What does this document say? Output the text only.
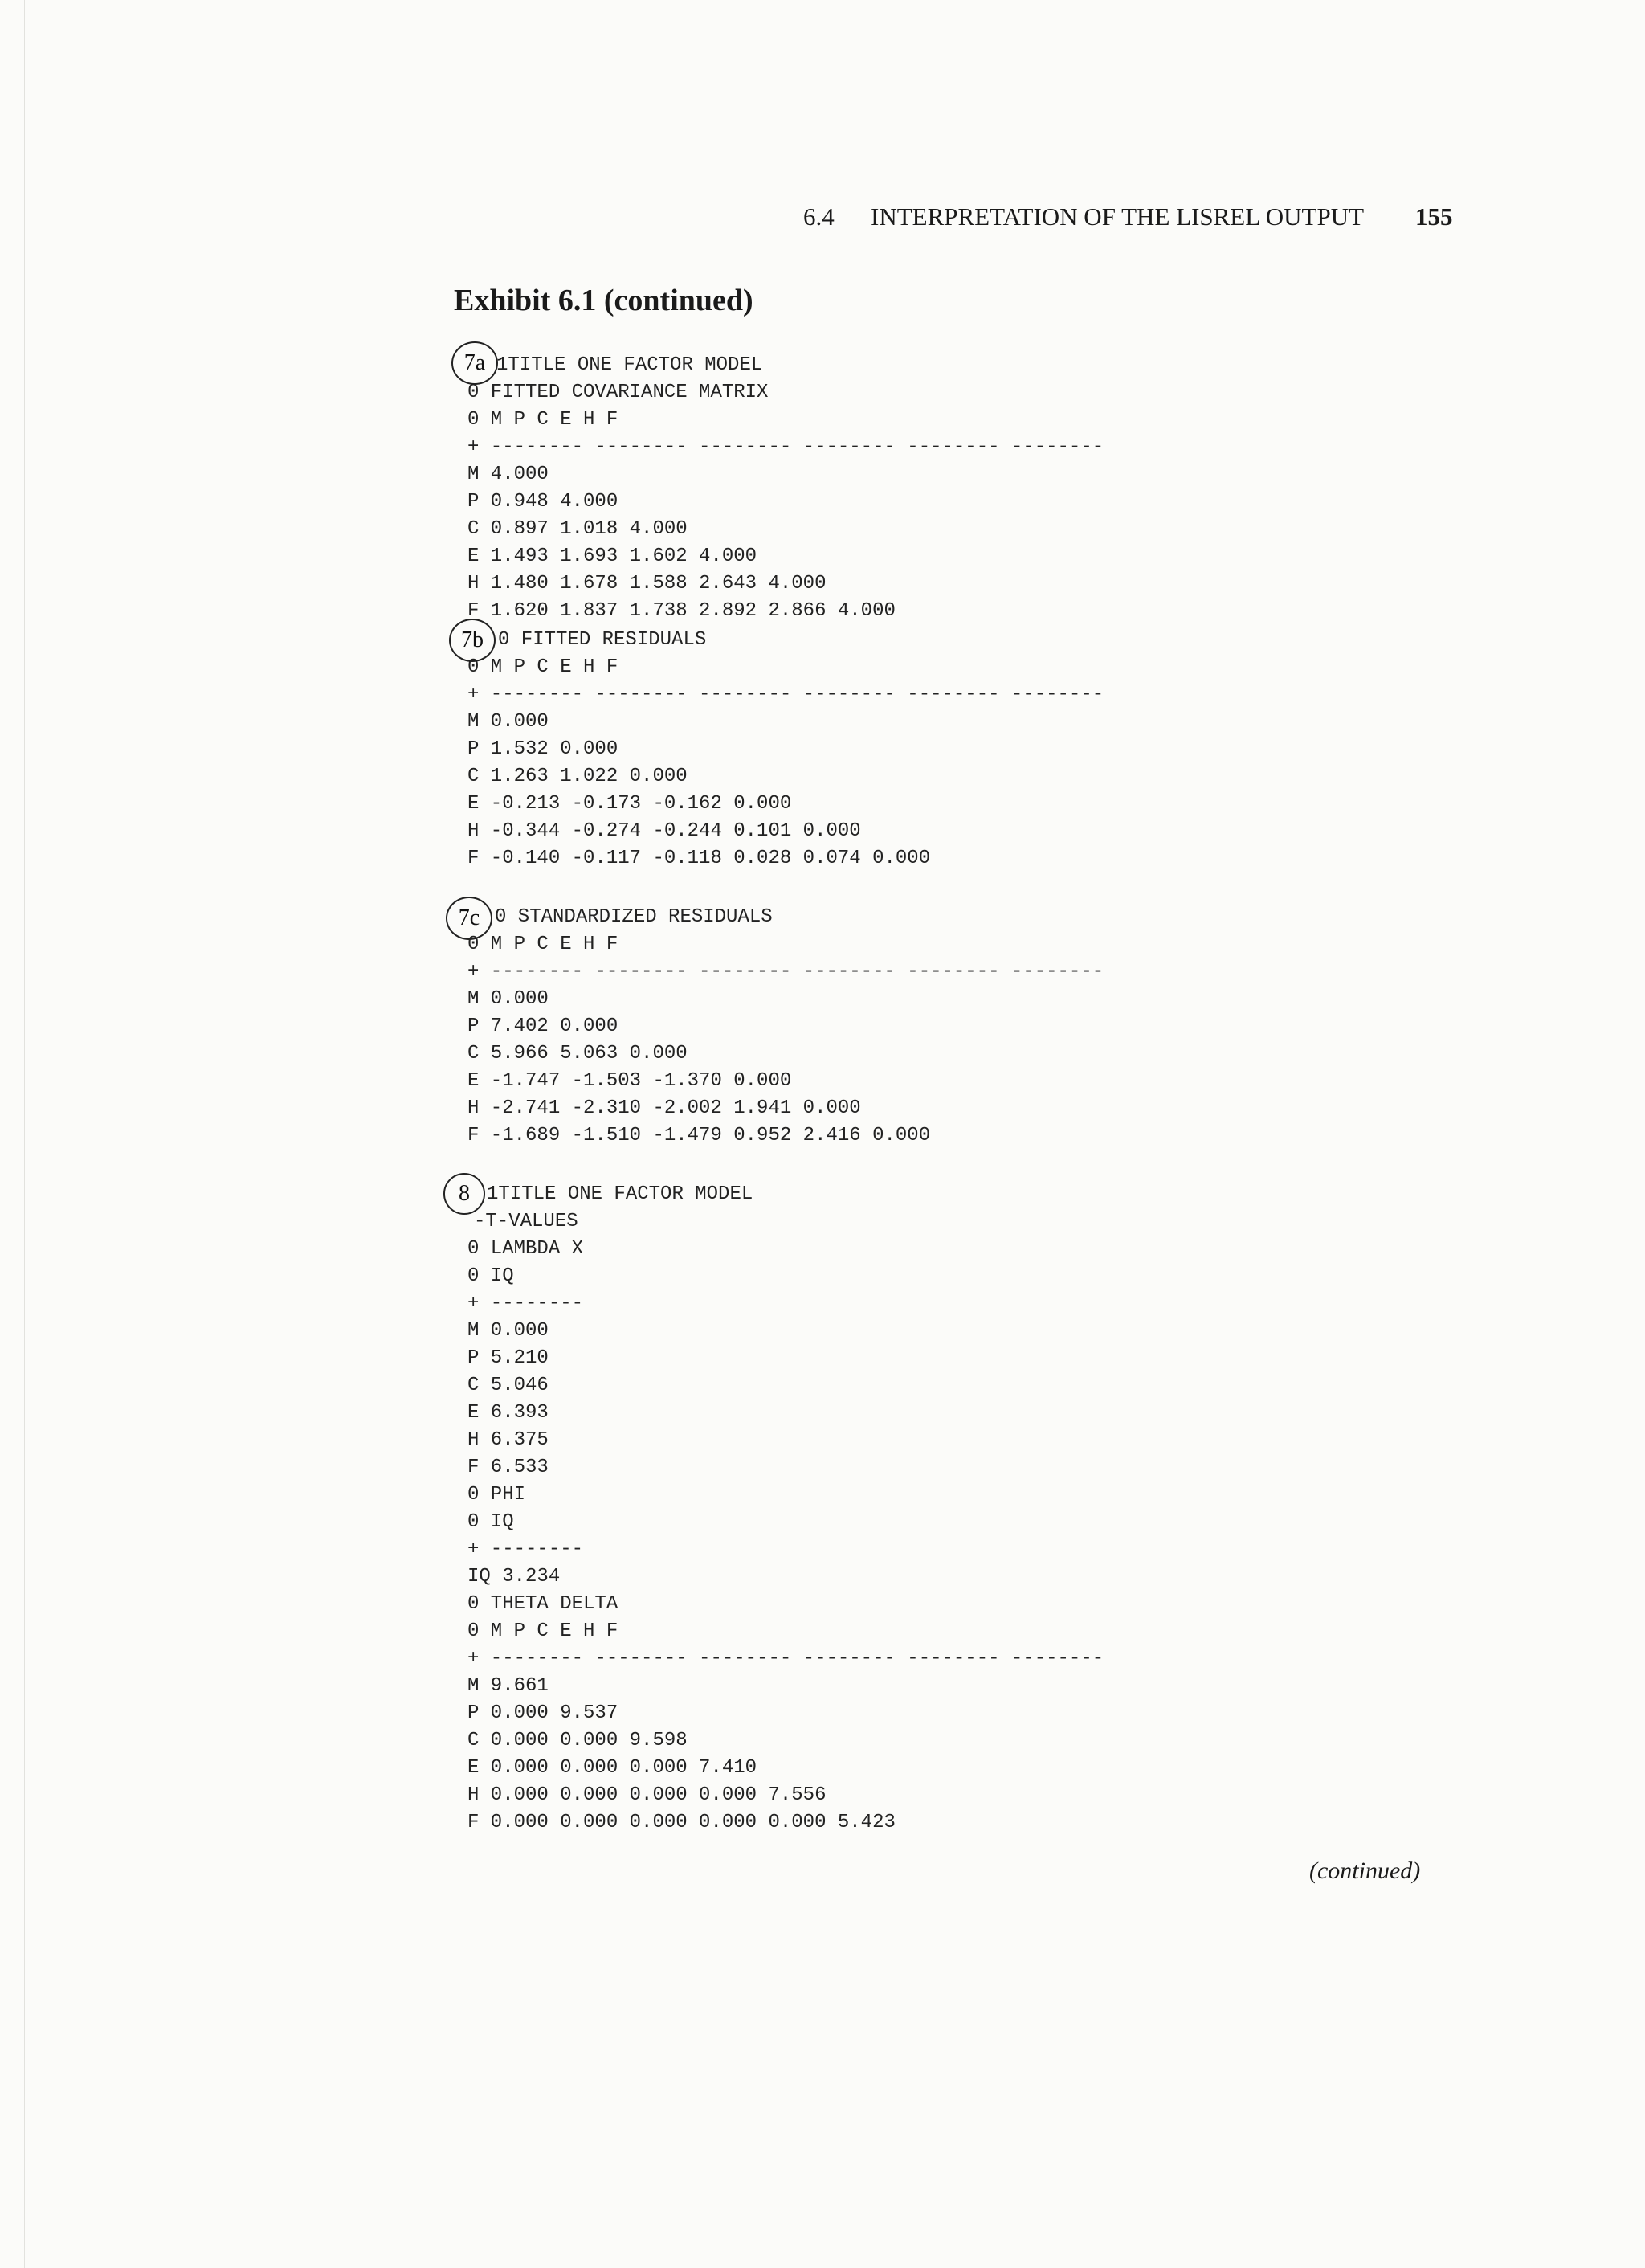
6.4 INTERPRETATION OF THE LISREL OUTPUT 155
Exhibit 6.1 (continued)
7a
7b
7c
8
1TITLE ONE FACTOR MODEL
0 FITTED COVARIANCE MATRIX
0 M P C E H F
+ -------- -------- -------- -------- -------- --------
M 4.000
P 0.948 4.000
C 0.897 1.018 4.000
E 1.493 1.693 1.602 4.000
H 1.480 1.678 1.588 2.643 4.000
F 1.620 1.837 1.738 2.892 2.866 4.000
0 FITTED RESIDUALS
0 M P C E H F
+ -------- -------- -------- -------- -------- --------
M 0.000
P 1.532 0.000
C 1.263 1.022 0.000
E -0.213 -0.173 -0.162 0.000
H -0.344 -0.274 -0.244 0.101 0.000
F -0.140 -0.117 -0.118 0.028 0.074 0.000
0 STANDARDIZED RESIDUALS
0 M P C E H F
+ -------- -------- -------- -------- -------- --------
M 0.000
P 7.402 0.000
C 5.966 5.063 0.000
E -1.747 -1.503 -1.370 0.000
H -2.741 -2.310 -2.002 1.941 0.000
F -1.689 -1.510 -1.479 0.952 2.416 0.000
1TITLE ONE FACTOR MODEL
-T-VALUES
0 LAMBDA X
0 IQ
+ --------
M 0.000
P 5.210
C 5.046
E 6.393
H 6.375
F 6.533
0 PHI
0 IQ
+ --------
IQ 3.234
0 THETA DELTA
0 M P C E H F
+ -------- -------- -------- -------- -------- --------
M 9.661
P 0.000 9.537
C 0.000 0.000 9.598
E 0.000 0.000 0.000 7.410
H 0.000 0.000 0.000 0.000 7.556
F 0.000 0.000 0.000 0.000 0.000 5.423
(continued)
